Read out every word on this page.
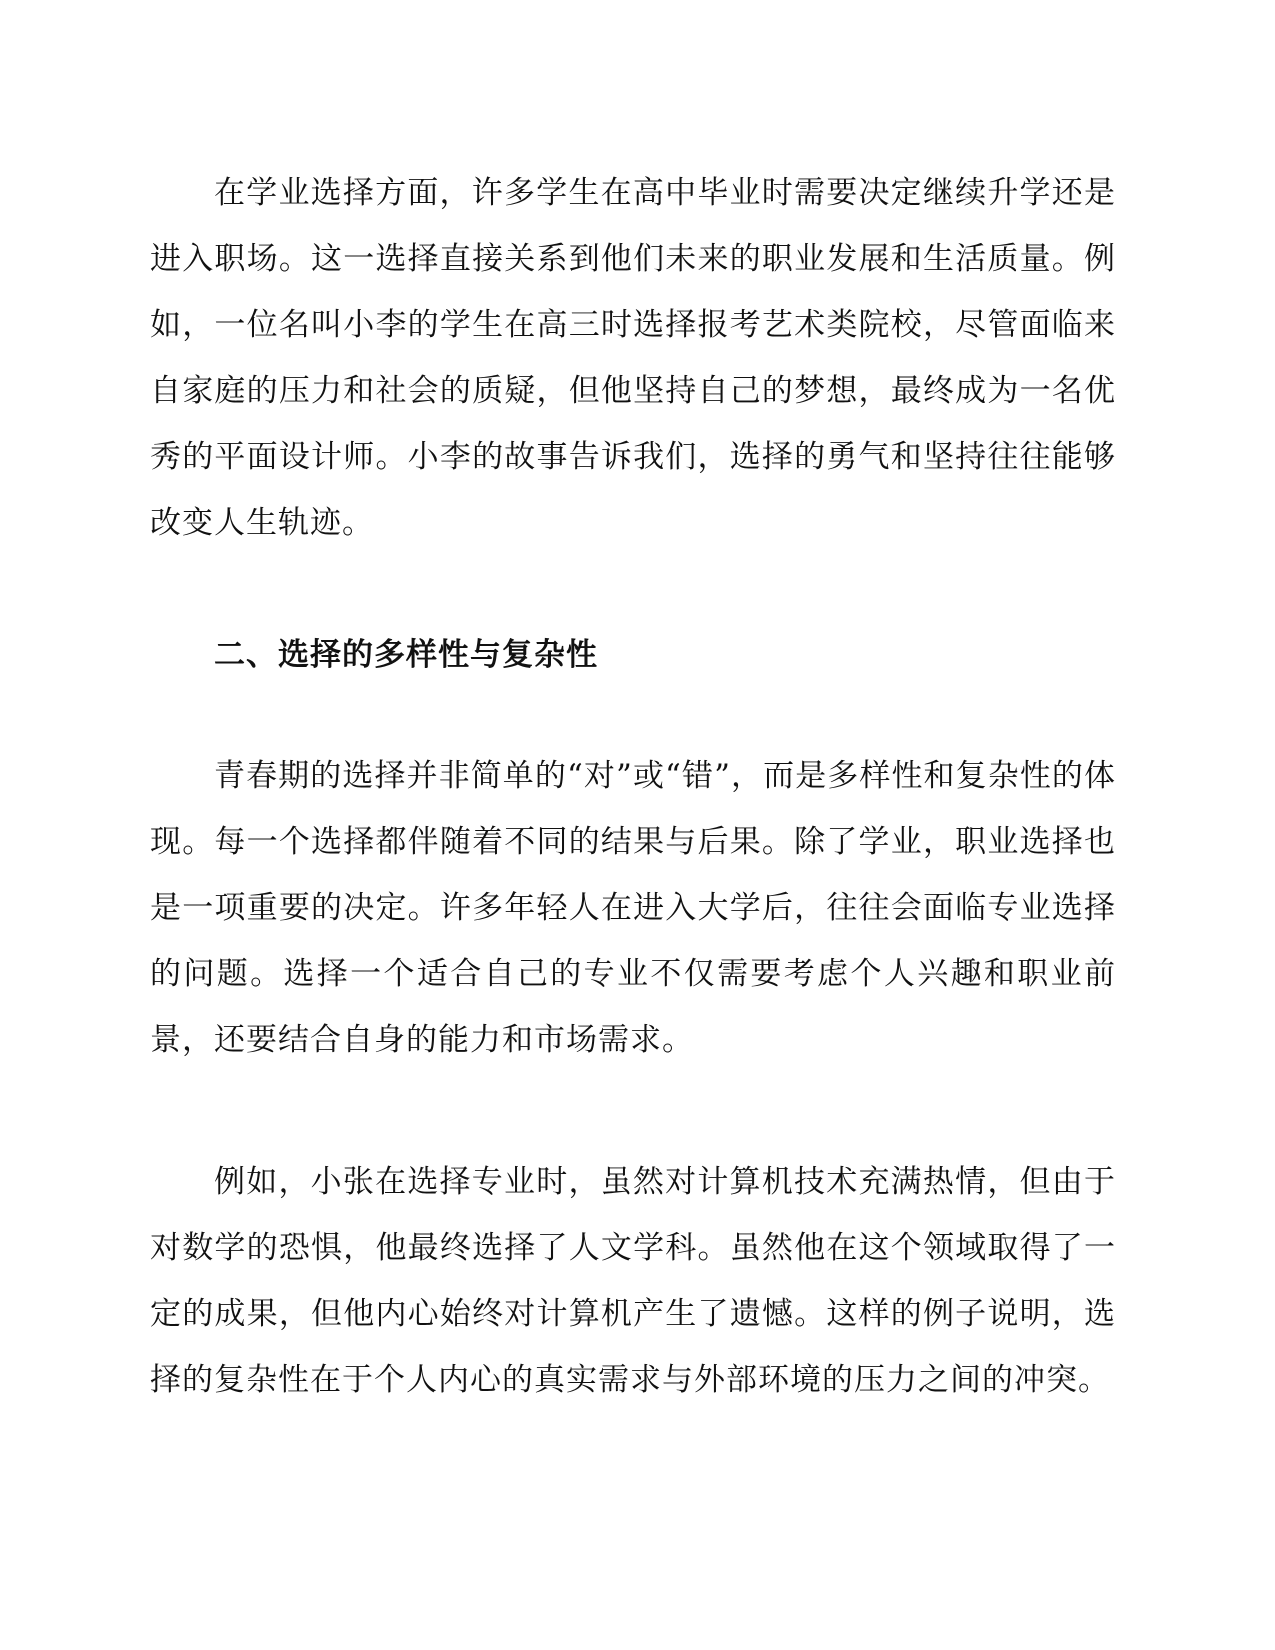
在学业选择方面，许多学生在高中毕业时需要决定继续升学还是进入职场。这一选择直接关系到他们未来的职业发展和生活质量。例如，一位名叫小李的学生在高三时选择报考艺术类院校，尽管面临来自家庭的压力和社会的质疑，但他坚持自己的梦想，最终成为一名优秀的平面设计师。小李的故事告诉我们，选择的勇气和坚持往往能够改变人生轨迹。

二、选择的多样性与复杂性

青春期的选择并非简单的“对”或“错”，而是多样性和复杂性的体现。每一个选择都伴随着不同的结果与后果。除了学业，职业选择也是一项重要的决定。许多年轻人在进入大学后，往往会面临专业选择的问题。选择一个适合自己的专业不仅需要考虑个人兴趣和职业前景，还要结合自身的能力和市场需求。

例如，小张在选择专业时，虽然对计算机技术充满热情，但由于对数学的恐惧，他最终选择了人文学科。虽然他在这个领域取得了一定的成果，但他内心始终对计算机产生了遗憾。这样的例子说明，选择的复杂性在于个人内心的真实需求与外部环境的压力之间的冲突。
